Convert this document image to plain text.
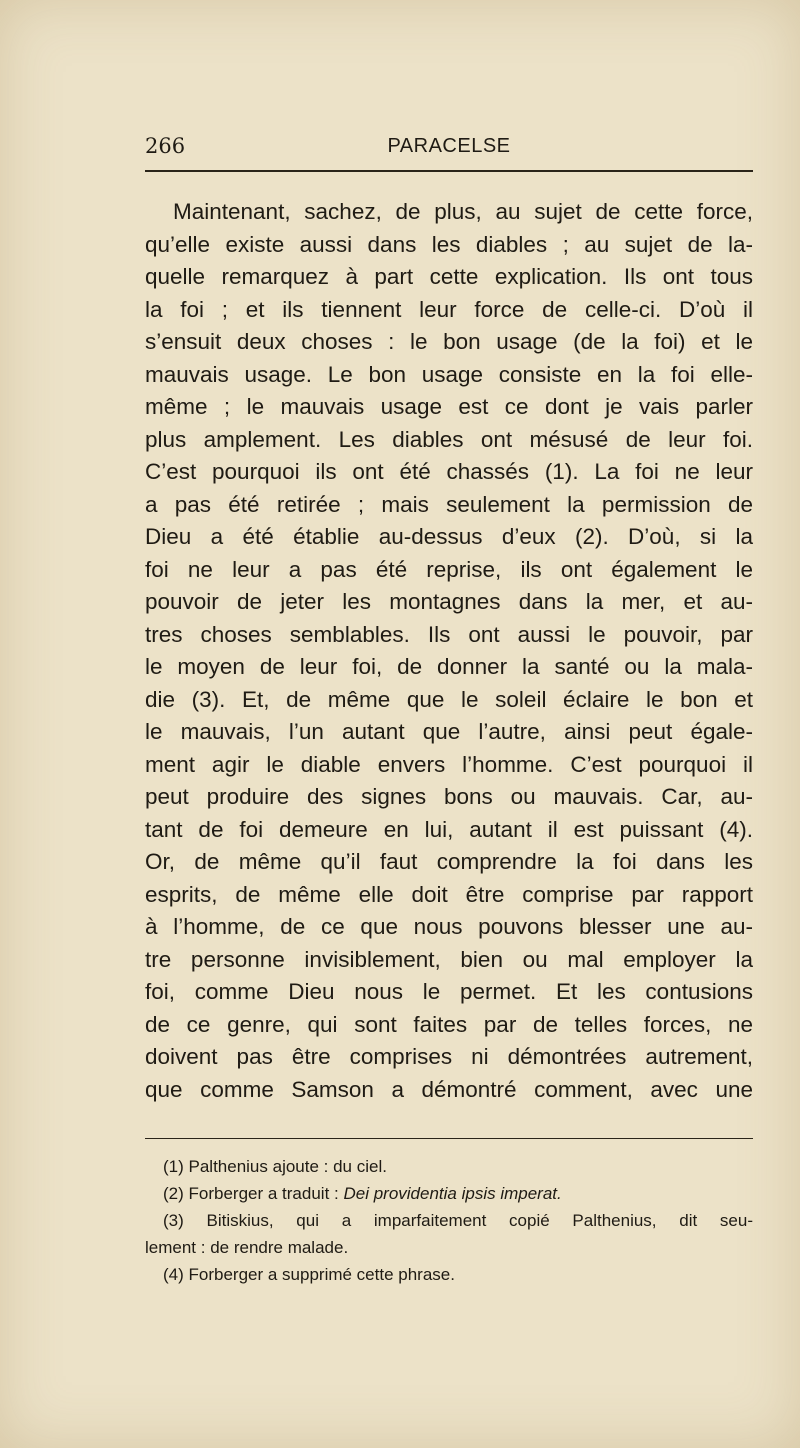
266	PARACELSE
Maintenant, sachez, de plus, au sujet de cette force,
qu’elle existe aussi dans les diables ; au sujet de la-
quelle remarquez à part cette explication. Ils ont tous
la foi ; et ils tiennent leur force de celle-ci. D’où il
s’ensuit deux choses : le bon usage (de la foi) et le
mauvais usage. Le bon usage consiste en la foi elle-
même ; le mauvais usage est ce dont je vais parler
plus amplement. Les diables ont mésusé de leur foi.
C’est pourquoi ils ont été chassés (1). La foi ne leur
a pas été retirée ; mais seulement la permission de
Dieu a été établie au-dessus d’eux (2). D’où, si la
foi ne leur a pas été reprise, ils ont également le
pouvoir de jeter les montagnes dans la mer, et au-
tres choses semblables. Ils ont aussi le pouvoir, par
le moyen de leur foi, de donner la santé ou la mala-
die (3). Et, de même que le soleil éclaire le bon et
le mauvais, l’un autant que l’autre, ainsi peut égale-
ment agir le diable envers l’homme. C’est pourquoi il
peut produire des signes bons ou mauvais. Car, au-
tant de foi demeure en lui, autant il est puissant (4).
Or, de même qu’il faut comprendre la foi dans les
esprits, de même elle doit être comprise par rapport
à l’homme, de ce que nous pouvons blesser une au-
tre personne invisiblement, bien ou mal employer la
foi, comme Dieu nous le permet. Et les contusions
de ce genre, qui sont faites par de telles forces, ne
doivent pas être comprises ni démontrées autrement,
que comme Samson a démontré comment, avec une
(1) Palthenius ajoute : du ciel.
(2) Forberger a traduit : Dei providentia ipsis imperat.
(3) Bitiskius, qui a imparfaitement copié Palthenius, dit seu-
lement : de rendre malade.
(4) Forberger a supprimé cette phrase.
